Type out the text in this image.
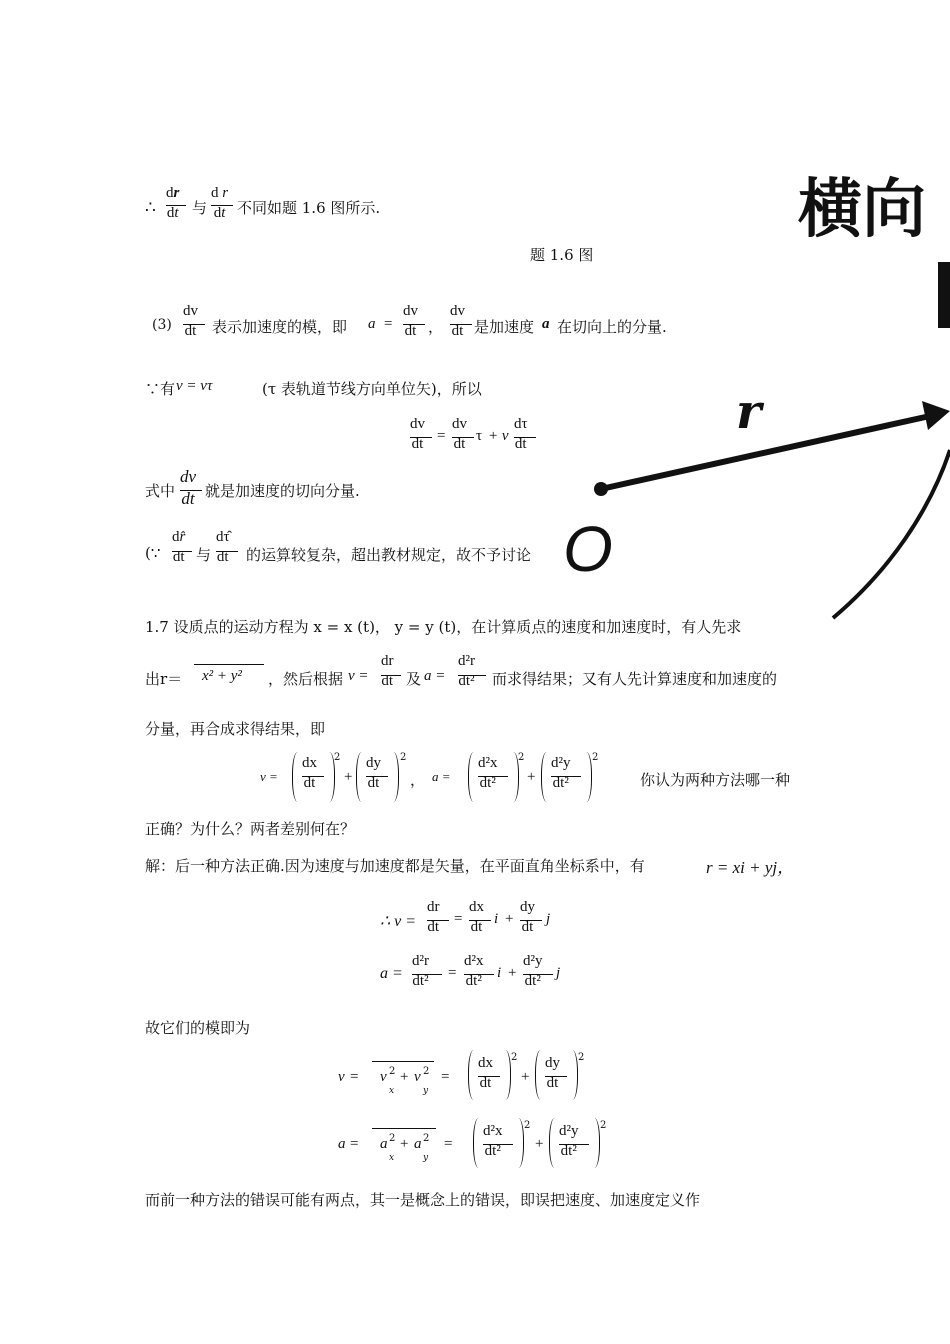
横向
r
O
∴
dr
dt 与
d r
dt 不同如题 1.6 图所示.
题 1.6 图
(3)
dv
dt 表示加速度的模，即 a =
dv
dt ，
dv
dt 是加速度 a 在切向上的分量.
∵有 v = vτ	(τ 表轨道节线方向单位矢)，所以
dv
dt =
dv
dt τ + v
dτ
dt
式中
dv
dt 就是加速度的切向分量.
(∵
dr̂
dt 与
dτ̂
dt 的运算较复杂，超出教材规定，故不予讨论
1.7 设质点的运动方程为 x = x (t)， y = y (t)，在计算质点的速度和加速度时，有人先求
出r＝ x² + y² ，然后根据 v =
dr
dt 及 a =
d²r
dt² 而求得结果；又有人先计算速度和加速度的
分量，再合成求得结果，即
v =
dx
dt
2
+
dy
dt
2
， a =
d²x
dt²
2
+
d²y
dt²
2
你认为两种方法哪一种
正确？为什么？两者差别何在？
解：后一种方法正确.因为速度与加速度都是矢量，在平面直角坐标系中，有	r = xi + yj，
∴ v =
dr
dt =
dx
dt i +
dy
dt j
a =
d²r
dt² =
d²x
dt² i +
d²y
dt² j
故它们的模即为
v = v 2
x
+ v 2
y
=
dx
dt
2
+
dy
dt
2
a = a 2
x
+ a 2
y
=
d²x
dt²
2
+
d²y
dt²
2
而前一种方法的错误可能有两点，其一是概念上的错误，即误把速度、加速度定义作
